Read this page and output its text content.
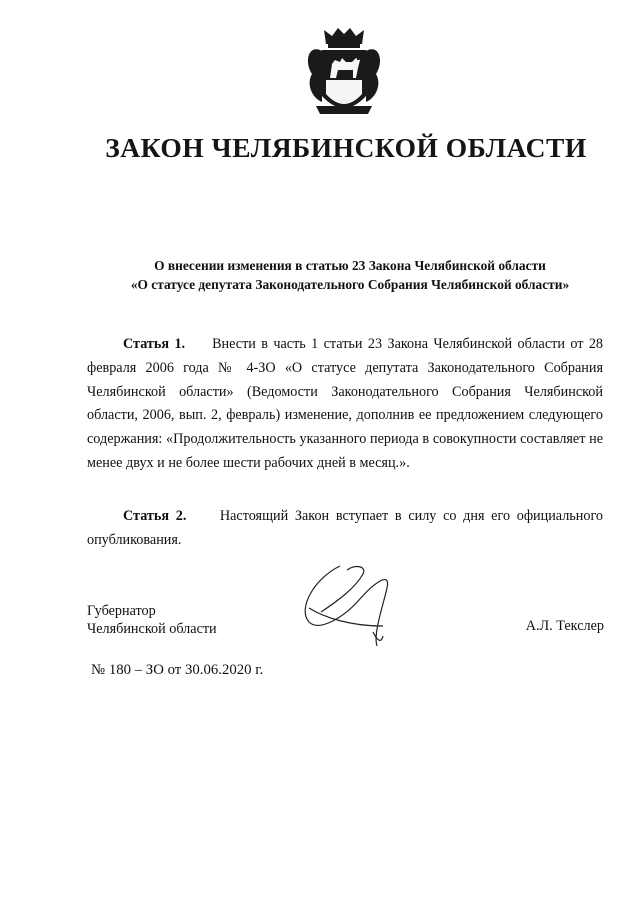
ЗАКОН ЧЕЛЯБИНСКОЙ ОБЛАСТИ
О внесении изменения в статью 23 Закона Челябинской области
«О статусе депутата Законодательного Собрания Челябинской области»
Статья 1. Внести в часть 1 статьи 23 Закона Челябинской области от 28 февраля 2006 года № 4-ЗО «О статусе депутата Законодательного Собрания Челябинской области» (Ведомости Законодательного Собрания Челябинской области, 2006, вып. 2, февраль) изменение, дополнив ее предложением следующего содержания: «Продолжительность указанного периода в совокупности составляет не менее двух и не более шести рабочих дней в месяц.».
Статья 2. Настоящий Закон вступает в силу со дня его официального опубликования.
Губернатор
Челябинской области	А.Л. Текслер
№ 180 – ЗО от 30.06.2020 г.
